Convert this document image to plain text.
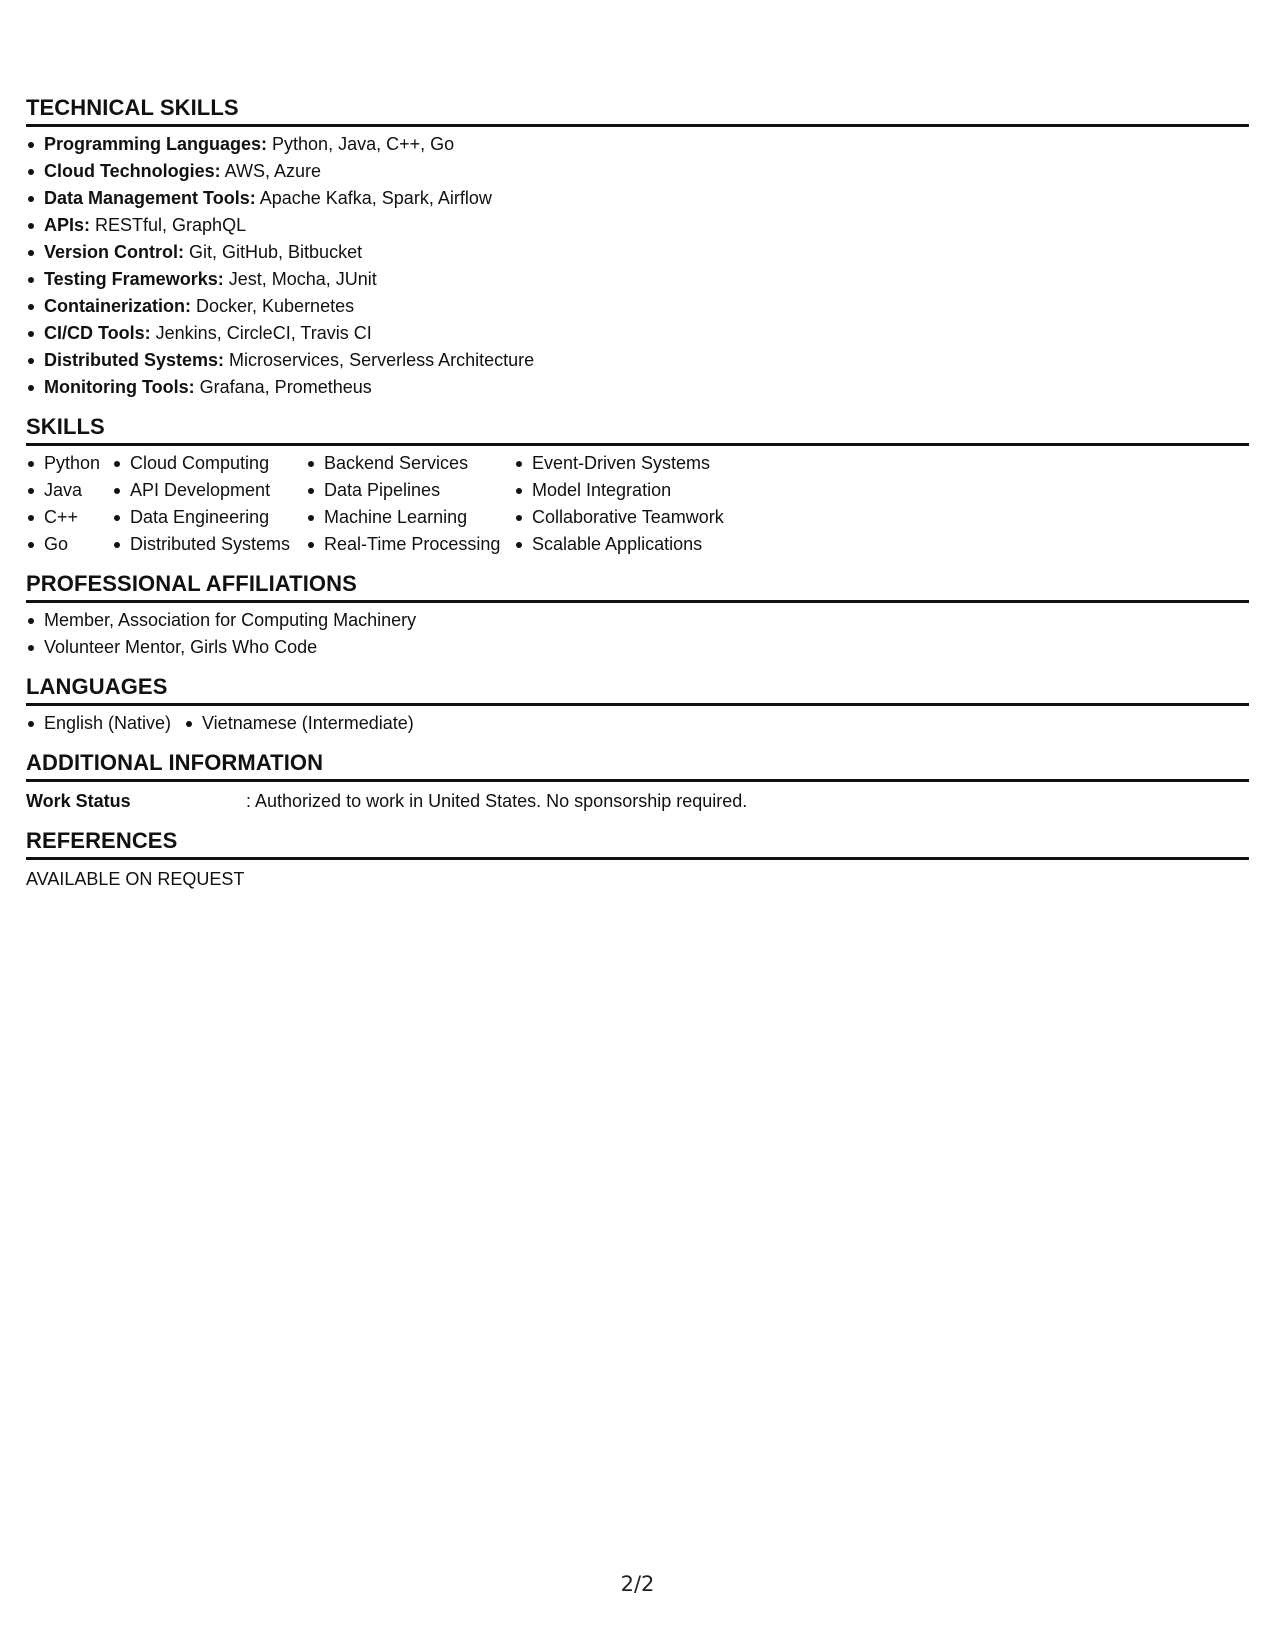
TECHNICAL SKILLS
Programming Languages: Python, Java, C++, Go
Cloud Technologies: AWS, Azure
Data Management Tools: Apache Kafka, Spark, Airflow
APIs: RESTful, GraphQL
Version Control: Git, GitHub, Bitbucket
Testing Frameworks: Jest, Mocha, JUnit
Containerization: Docker, Kubernetes
CI/CD Tools: Jenkins, CircleCI, Travis CI
Distributed Systems: Microservices, Serverless Architecture
Monitoring Tools: Grafana, Prometheus
SKILLS
Python
Java
C++
Go
Cloud Computing
API Development
Data Engineering
Distributed Systems
Backend Services
Data Pipelines
Machine Learning
Real-Time Processing
Event-Driven Systems
Model Integration
Collaborative Teamwork
Scalable Applications
PROFESSIONAL AFFILIATIONS
Member, Association for Computing Machinery
Volunteer Mentor, Girls Who Code
LANGUAGES
English (Native)	Vietnamese (Intermediate)
ADDITIONAL INFORMATION
Work Status	: Authorized to work in United States. No sponsorship required.
REFERENCES
AVAILABLE ON REQUEST
2/2
